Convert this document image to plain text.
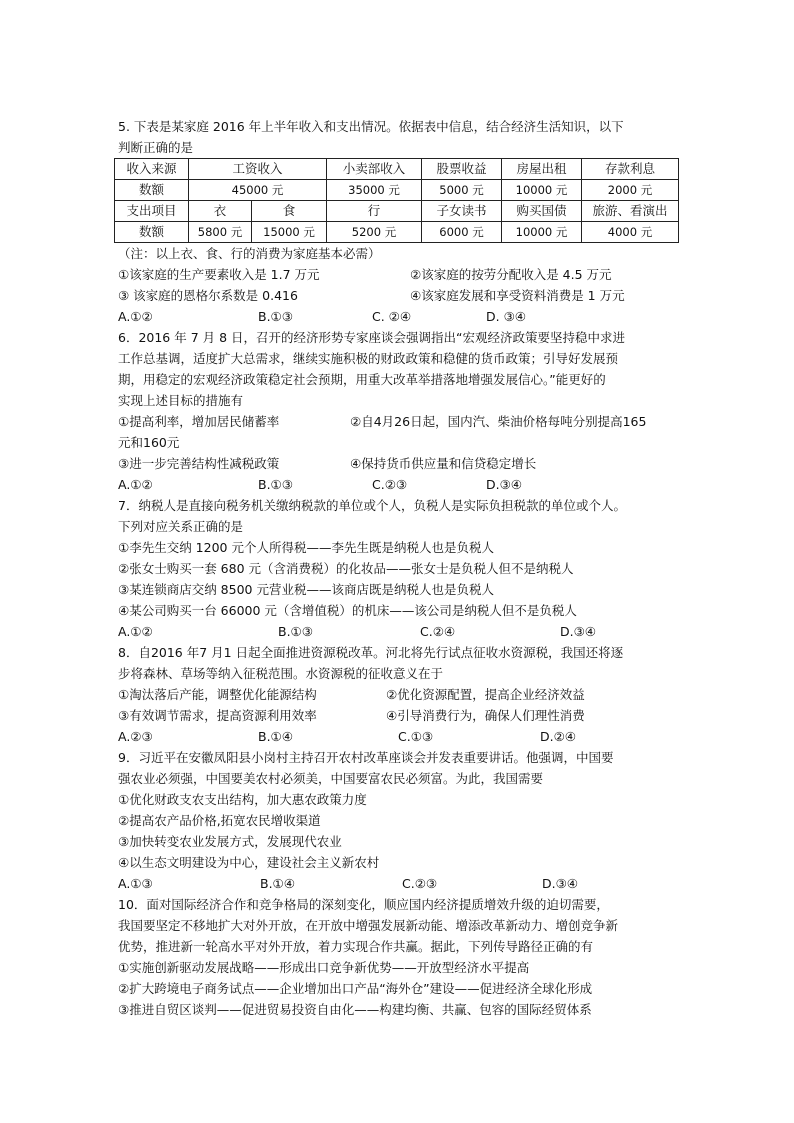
5. 下表是某家庭 2016 年上半年收入和支出情况。依据表中信息，结合经济生活知识，以下
判断正确的是
收入来源	工资收入		小卖部收入	股票收益	房屋出租	存款利息
数额	45000 元		35000 元	5000 元	10000 元	2000 元
支出项目	衣	食	行	子女读书	购买国债	旅游、看演出
数额	5800 元	15000 元	5200 元	6000 元	10000 元	4000 元
（注：以上衣、食、行的消费为家庭基本必需）
①该家庭的生产要素收入是 1.7 万元	②该家庭的按劳分配收入是 4.5 万元
③ 该家庭的恩格尔系数是 0.416	④该家庭发展和享受资料消费是 1 万元
A.①②	B.①③	C. ②④	D. ③④
6．2016 年 7 月 8 日，召开的经济形势专家座谈会强调指出“宏观经济政策要坚持稳中求进
工作总基调，适度扩大总需求，继续实施积极的财政政策和稳健的货币政策；引导好发展预
期，用稳定的宏观经济政策稳定社会预期，用重大改革举措落地增强发展信心。”能更好的
实现上述目标的措施有
①提高利率，增加居民储蓄率	②自4月26日起，国内汽、柴油价格每吨分别提高165
元和160元
③进一步完善结构性减税政策	④保持货币供应量和信贷稳定增长
A.①②	B.①③	C.②③	D.③④
7．纳税人是直接向税务机关缴纳税款的单位或个人，负税人是实际负担税款的单位或个人。
下列对应关系正确的是
①李先生交纳 1200 元个人所得税——李先生既是纳税人也是负税人
②张女士购买一套 680 元（含消费税）的化妆品——张女士是负税人但不是纳税人
③某连锁商店交纳 8500 元营业税——该商店既是纳税人也是负税人
④某公司购买一台 66000 元（含增值税）的机床——该公司是纳税人但不是负税人
A.①②	B.①③	C.②④	D.③④
8．自2016 年7 月1 日起全面推进资源税改革。河北将先行试点征收水资源税，我国还将逐
步将森林、草场等纳入征税范围。水资源税的征收意义在于
①淘汰落后产能，调整优化能源结构	②优化资源配置，提高企业经济效益
③有效调节需求，提高资源利用效率	④引导消费行为，确保人们理性消费
A.②③	B.①④	C.①③	D.②④
9．习近平在安徽凤阳县小岗村主持召开农村改革座谈会并发表重要讲话。他强调，中国要
强农业必须强，中国要美农村必须美，中国要富农民必须富。为此，我国需要
①优化财政支农支出结构，加大惠农政策力度
②提高农产品价格,拓宽农民增收渠道
③加快转变农业发展方式，发展现代农业
④以生态文明建设为中心，建设社会主义新农村
A.①③	B.①④	C.②③	D.③④
10．面对国际经济合作和竞争格局的深刻变化，顺应国内经济提质增效升级的迫切需要，
我国要坚定不移地扩大对外开放，在开放中增强发展新动能、增添改革新动力、增创竞争新
优势，推进新一轮高水平对外开放，着力实现合作共赢。据此，下列传导路径正确的有
①实施创新驱动发展战略——形成出口竞争新优势——开放型经济水平提高
②扩大跨境电子商务试点——企业增加出口产品“海外仓”建设——促进经济全球化形成
③推进自贸区谈判——促进贸易投资自由化——构建均衡、共赢、包容的国际经贸体系
